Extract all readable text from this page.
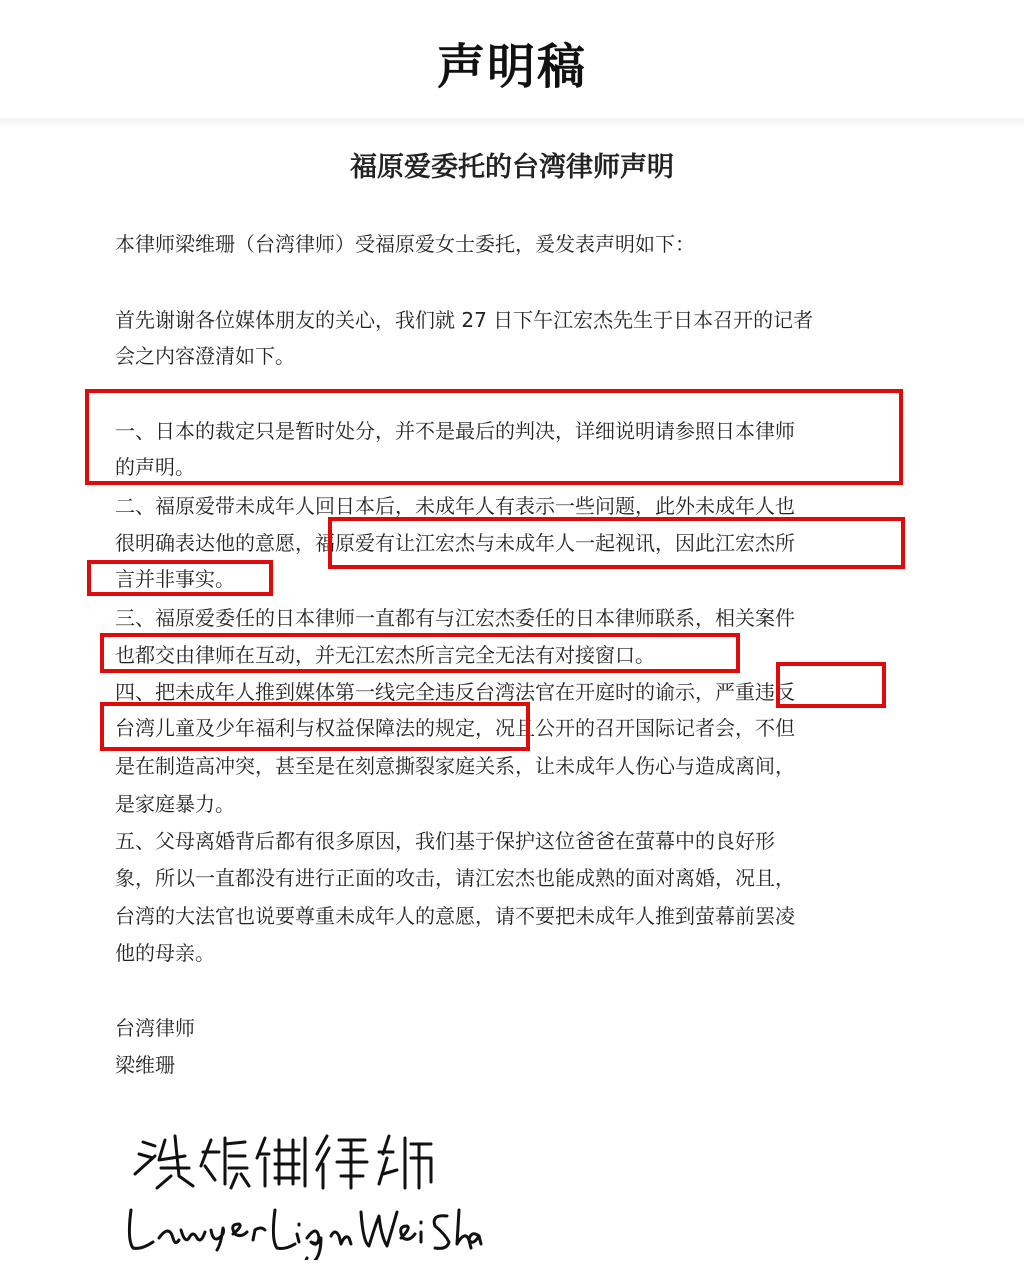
声明稿
福原爱委托的台湾律师声明
本律师梁维珊（台湾律师）受福原爱女士委托，爰发表声明如下：
首先谢谢各位媒体朋友的关心，我们就 27 日下午江宏杰先生于日本召开的记者
会之内容澄清如下。
一、日本的裁定只是暂时处分，并不是最后的判决，详细说明请参照日本律师
的声明。
二、福原爱带未成年人回日本后，未成年人有表示一些问题，此外未成年人也
很明确表达他的意愿，福原爱有让江宏杰与未成年人一起视讯，因此江宏杰所
言并非事实。
三、福原爱委任的日本律师一直都有与江宏杰委任的日本律师联系，相关案件
也都交由律师在互动，并无江宏杰所言完全无法有对接窗口。
四、把未成年人推到媒体第一线完全违反台湾法官在开庭时的谕示，严重违反
台湾儿童及少年福利与权益保障法的规定，况且公开的召开国际记者会，不但
是在制造高冲突，甚至是在刻意撕裂家庭关系，让未成年人伤心与造成离间，
是家庭暴力。
五、父母离婚背后都有很多原因，我们基于保护这位爸爸在萤幕中的良好形
象，所以一直都没有进行正面的攻击，请江宏杰也能成熟的面对离婚，况且，
台湾的大法官也说要尊重未成年人的意愿，请不要把未成年人推到萤幕前罢凌
他的母亲。
台湾律师
梁维珊
